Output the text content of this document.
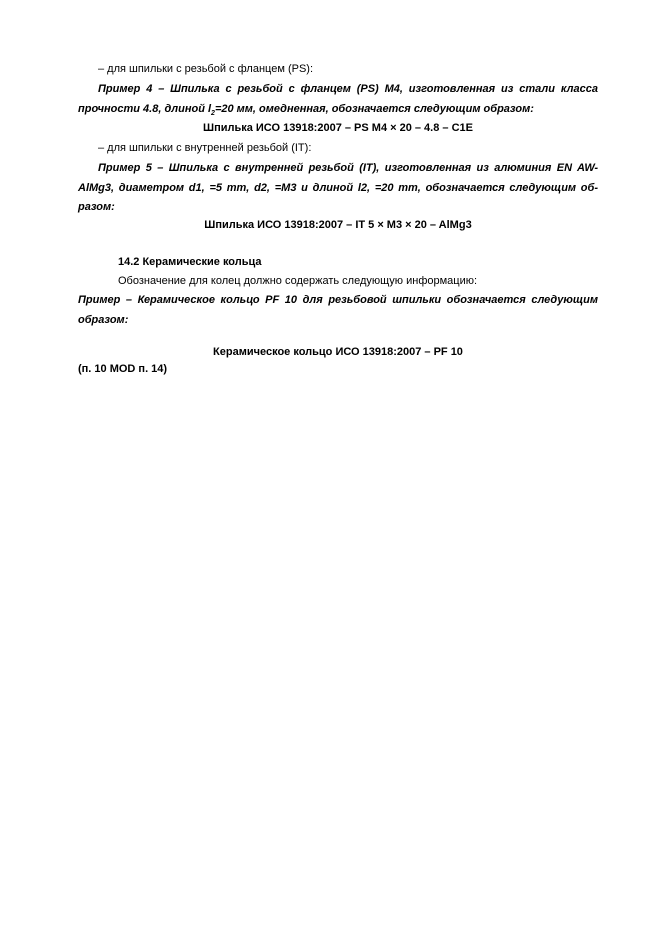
– для шпильки с резьбой с фланцем (PS):
Пример 4 – Шпилька с резьбой с фланцем (PS) M4, изготовленная из стали класса
прочности 4.8, длиной $l_2=20$ мм, омедненная, обозначается следующим образом:
Шпилька ИСО 13918:2007 – PS M4 × 20 – 4.8 – C1E
– для шпильки с внутренней резьбой (IT):
Пример 5 – Шпилька с внутренней резьбой (IT), изготовленная из алюминия EN AW-
AlMg3, диаметром d1, =5 mm, d2, =M3 и длиной l2, =20 mm, обозначается следующим об-
разом:
Шпилька ИСО 13918:2007 – IT 5 × M3 × 20 – AlMg3
14.2 Керамические кольца
Обозначение для колец должно содержать следующую информацию:
Пример – Керамическое кольцо PF 10 для резьбовой шпильки обозначается следующим
образом:
Керамическое кольцо ИСО 13918:2007 – PF 10
(п. 10 MOD п. 14)
